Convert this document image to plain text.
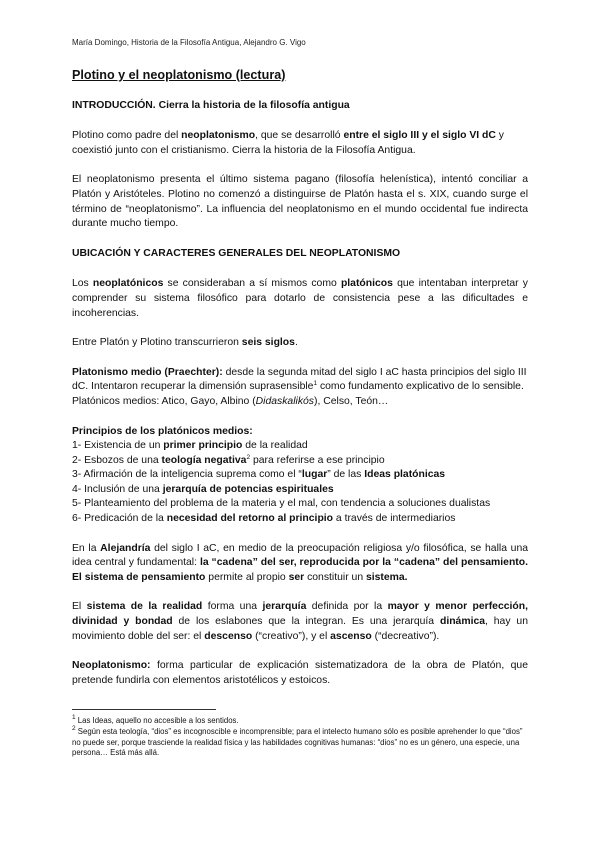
María Domingo, Historia de la Filosofía Antigua, Alejandro G. Vigo
Plotino y el neoplatonismo (lectura)
INTRODUCCIÓN. Cierra la historia de la filosofía antigua

Plotino como padre del neoplatonismo, que se desarrolló entre el siglo III y el siglo VI dC y coexistió junto con el cristianismo. Cierra la historia de la Filosofía Antigua.

El neoplatonismo presenta el último sistema pagano (filosofía helenística), intentó conciliar a Platón y Aristóteles. Plotino no comenzó a distinguirse de Platón hasta el s. XIX, cuando surge el término de “neoplatonismo”. La influencia del neoplatonismo en el mundo occidental fue indirecta durante mucho tiempo.

UBICACIÓN Y CARACTERES GENERALES DEL NEOPLATONISMO

Los neoplatónicos se consideraban a sí mismos como platónicos que intentaban interpretar y comprender su sistema filosófico para dotarlo de consistencia pese a las dificultades e incoherencias.

Entre Platón y Plotino transcurrieron seis siglos.

Platonismo medio (Praechter): desde la segunda mitad del siglo I aC hasta principios del siglo III dC. Intentaron recuperar la dimensión suprasensible$^1$ como fundamento explicativo de lo sensible. Platónicos medios: Atico, Gayo, Albino (Didaskalikós), Celso, Teón…

Principios de los platónicos medios:
1- Existencia de un primer principio de la realidad
2- Esbozos de una teología negativa$^2$ para referirse a ese principio
3- Afirmación de la inteligencia suprema como el “lugar” de las Ideas platónicas
4- Inclusión de una jerarquía de potencias espirituales
5- Planteamiento del problema de la materia y el mal, con tendencia a soluciones dualistas
6- Predicación de la necesidad del retorno al principio a través de intermediarios

En la Alejandría del siglo I aC, en medio de la preocupación religiosa y/o filosófica, se halla una idea central y fundamental: la “cadena” del ser, reproducida por la “cadena” del pensamiento. El sistema de pensamiento permite al propio ser constituir un sistema.

El sistema de la realidad forma una jerarquía definida por la mayor y menor perfección, divinidad y bondad de los eslabones que la integran. Es una jerarquía dinámica, hay un movimiento doble del ser: el descenso (“creativo”), y el ascenso (“decreativo”).

Neoplatonismo: forma particular de explicación sistematizadora de la obra de Platón, que pretende fundirla con elementos aristotélicos y estoicos.

$^1$ Las Ideas, aquello no accesible a los sentidos.
$^2$ Según esta teología, “dios” es incognoscible e incomprensible; para el intelecto humano sólo es posible aprehender lo que “dios” no puede ser, porque trasciende la realidad física y las habilidades cognitivas humanas: “dios” no es un género, una especie, una persona… Está más allá.
